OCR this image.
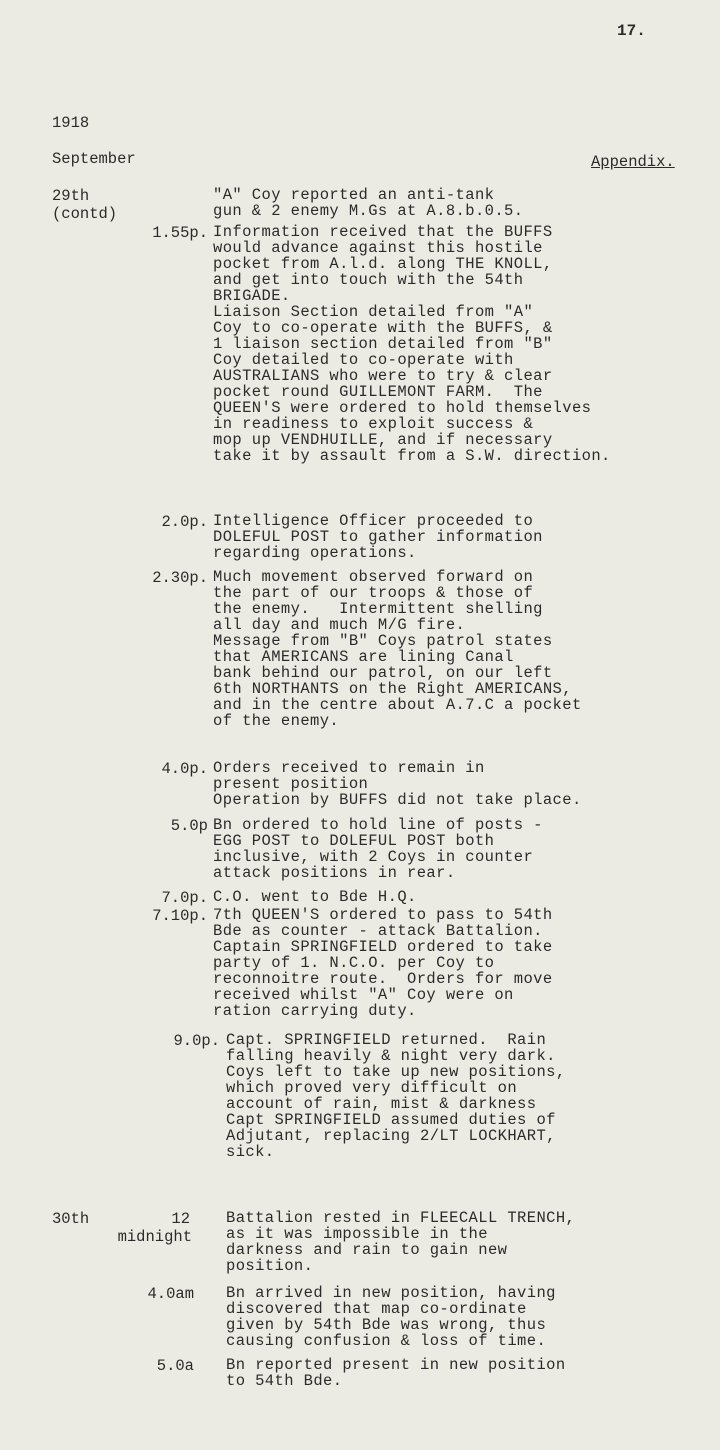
17.
1918
September	Appendix.
29th
(contd)
"A" Coy reported an anti-tank
gun & 2 enemy M.Gs at A.8.b.0.5.
1.55p. Information received that the BUFFS
would advance against this hostile
pocket from A.l.d. along THE KNOLL,
and get into touch with the 54th
BRIGADE.
Liaison Section detailed from "A"
Coy to co-operate with the BUFFS, &
1 liaison section detailed from "B"
Coy detailed to co-operate with
AUSTRALIANS who were to try & clear
pocket round GUILLEMONT FARM.  The
QUEEN'S were ordered to hold themselves
in readiness to exploit success &
mop up VENDHUILLE, and if necessary
take it by assault from a S.W. direction.
2.0p. Intelligence Officer proceeded to
DOLEFUL POST to gather information
regarding operations.
2.30p. Much movement observed forward on
the part of our troops & those of
the enemy.   Intermittent shelling
all day and much M/G fire.
Message from "B" Coys patrol states
that AMERICANS are lining Canal
bank behind our patrol, on our left
6th NORTHANTS on the Right AMERICANS,
and in the centre about A.7.C a pocket
of the enemy.
4.0p. Orders received to remain in
present position
Operation by BUFFS did not take place.
5.0p Bn ordered to hold line of posts -
EGG POST to DOLEFUL POST both
inclusive, with 2 Coys in counter
attack positions in rear.
7.0p. C.O. went to Bde H.Q.
7.10p. 7th QUEEN'S ordered to pass to 54th
Bde as counter - attack Battalion.
Captain SPRINGFIELD ordered to take
party of 1. N.C.O. per Coy to
reconnoitre route.  Orders for move
received whilst "A" Coy were on
ration carrying duty.
9.0p. Capt. SPRINGFIELD returned.  Rain
falling heavily & night very dark.
Coys left to take up new positions,
which proved very difficult on
account of rain, mist & darkness
Capt SPRINGFIELD assumed duties of
Adjutant, replacing 2/LT LOCKHART,
sick.
30th	12
midnight
Battalion rested in FLEECALL TRENCH,
as it was impossible in the
darkness and rain to gain new
position.
4.0am Bn arrived in new position, having
discovered that map co-ordinate
given by 54th Bde was wrong, thus
causing confusion & loss of time.
5.0a Bn reported present in new position
to 54th Bde.
